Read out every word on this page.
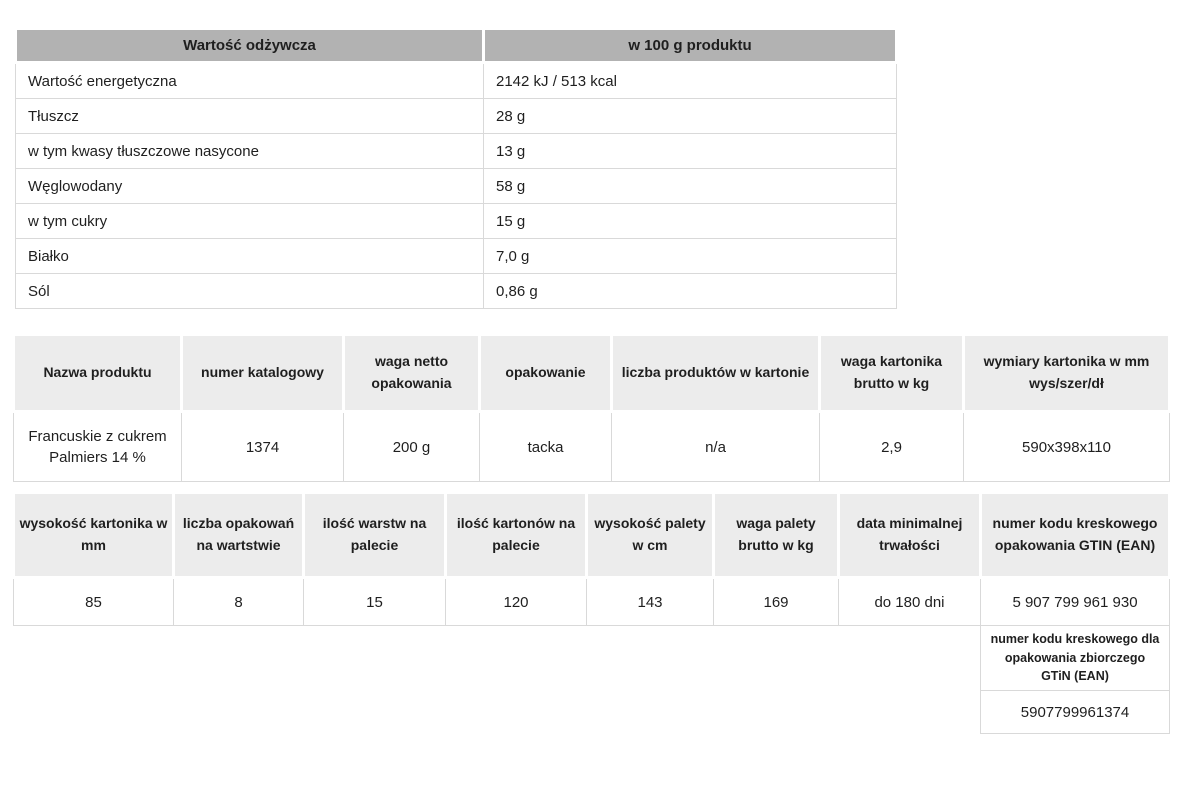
Wartość odżywcza	w 100 g produktu
Wartość energetyczna	2142 kJ / 513 kcal
Tłuszcz	28 g
w tym kwasy tłuszczowe nasycone	13 g
Węglowodany	58 g
w tym cukry	15 g
Białko	7,0 g
Sól	0,86 g
Nazwa produktu	numer katalogowy	waga netto opakowania	opakowanie	liczba produktów w kartonie	waga kartonika brutto w kg	wymiary kartonika w mm wys/szer/dł
Francuskie z cukrem Palmiers 14 %	1374	200 g	tacka	n/a	2,9	590x398x110
wysokość kartonika w mm	liczba opakowań na wartstwie	ilość warstw na palecie	ilość kartonów na palecie	wysokość palety w cm	waga palety brutto w kg	data minimalnej trwałości	numer kodu kreskowego opakowania GTIN (EAN)
85	8	15	120	143	169	do 180 dni	5 907 799 961 930
							numer kodu kreskowego dla opakowania zbiorczego GTiN (EAN)
							5907799961374
